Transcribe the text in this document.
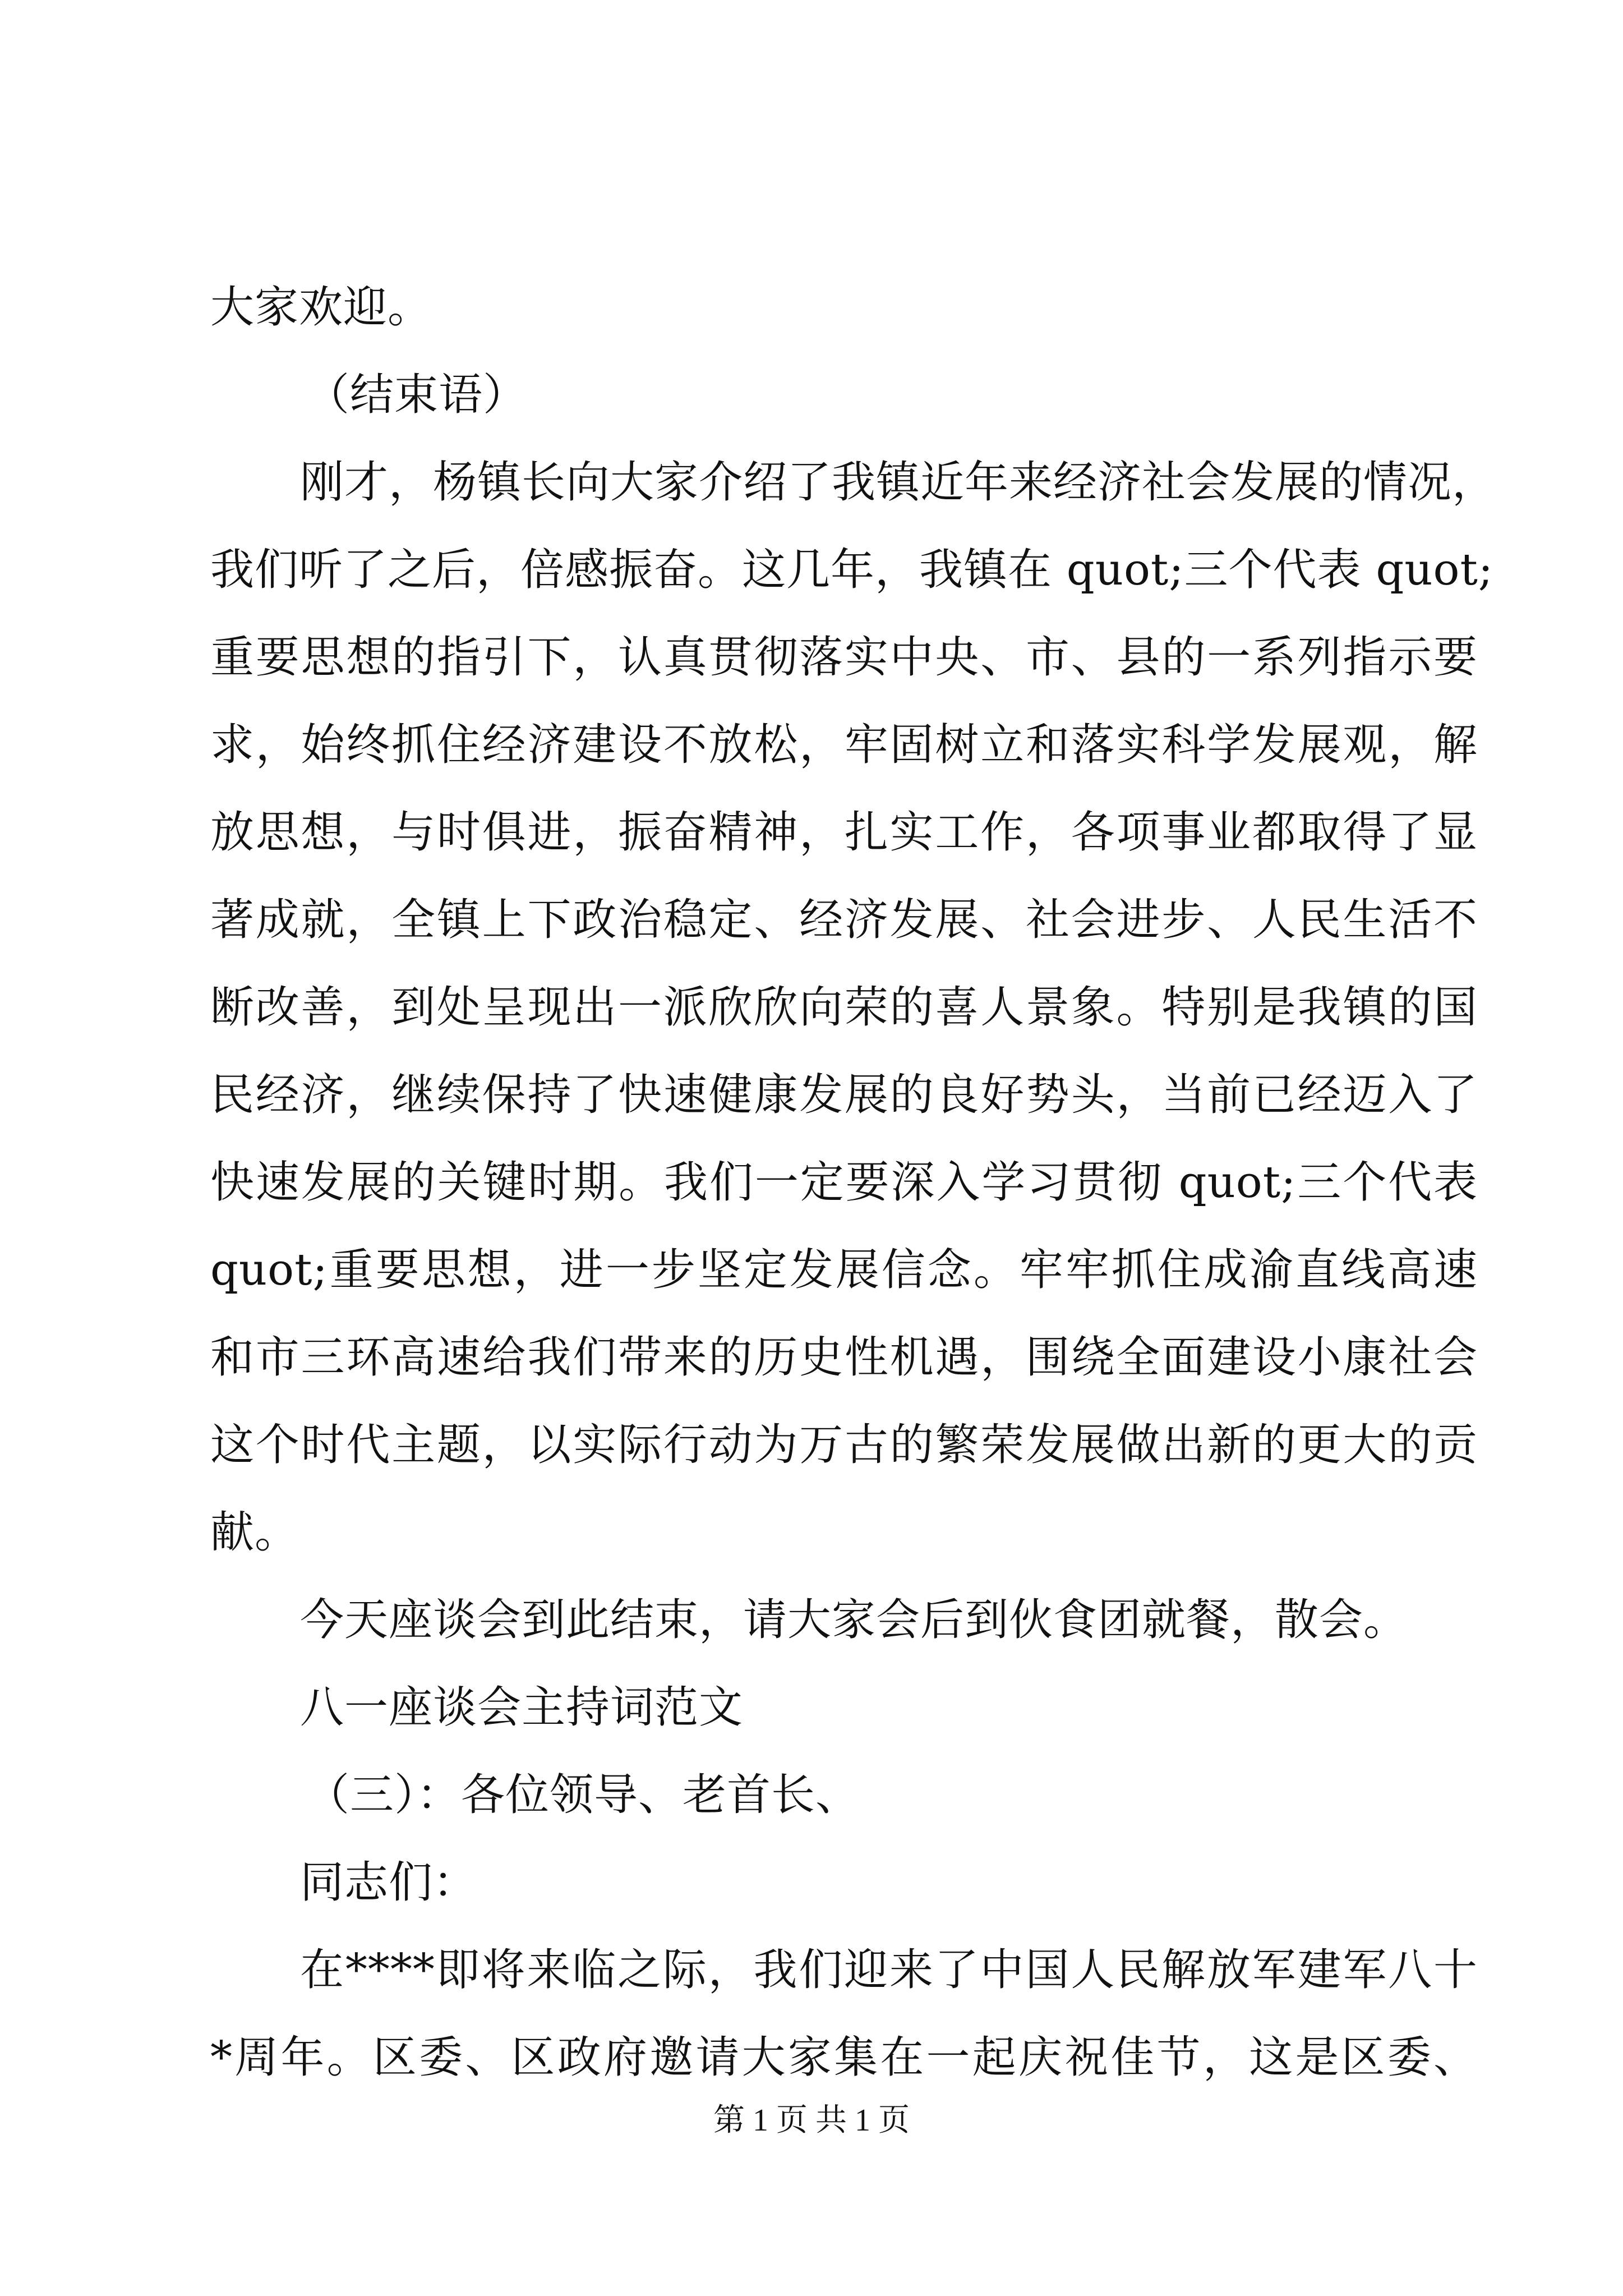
大家欢迎。
（结束语）
刚才，杨镇长向大家介绍了我镇近年来经济社会发展的情况，
我们听了之后，倍感振奋。这几年，我镇在 quot;三个代表 quot;
重要思想的指引下，认真贯彻落实中央、市、县的一系列指示要
求，始终抓住经济建设不放松，牢固树立和落实科学发展观，解
放思想，与时俱进，振奋精神，扎实工作，各项事业都取得了显
著成就，全镇上下政治稳定、经济发展、社会进步、人民生活不
断改善，到处呈现出一派欣欣向荣的喜人景象。特别是我镇的国
民经济，继续保持了快速健康发展的良好势头，当前已经迈入了
快速发展的关键时期。我们一定要深入学习贯彻 quot;三个代表
quot;重要思想，进一步坚定发展信念。牢牢抓住成渝直线高速
和市三环高速给我们带来的历史性机遇，围绕全面建设小康社会
这个时代主题，以实际行动为万古的繁荣发展做出新的更大的贡
献。
今天座谈会到此结束，请大家会后到伙食团就餐，散会。
八一座谈会主持词范文
（三）：各位领导、老首长、
同志们：
在****即将来临之际，我们迎来了中国人民解放军建军八十
*周年。区委、区政府邀请大家集在一起庆祝佳节，这是区委、
第 1 页 共 1 页
